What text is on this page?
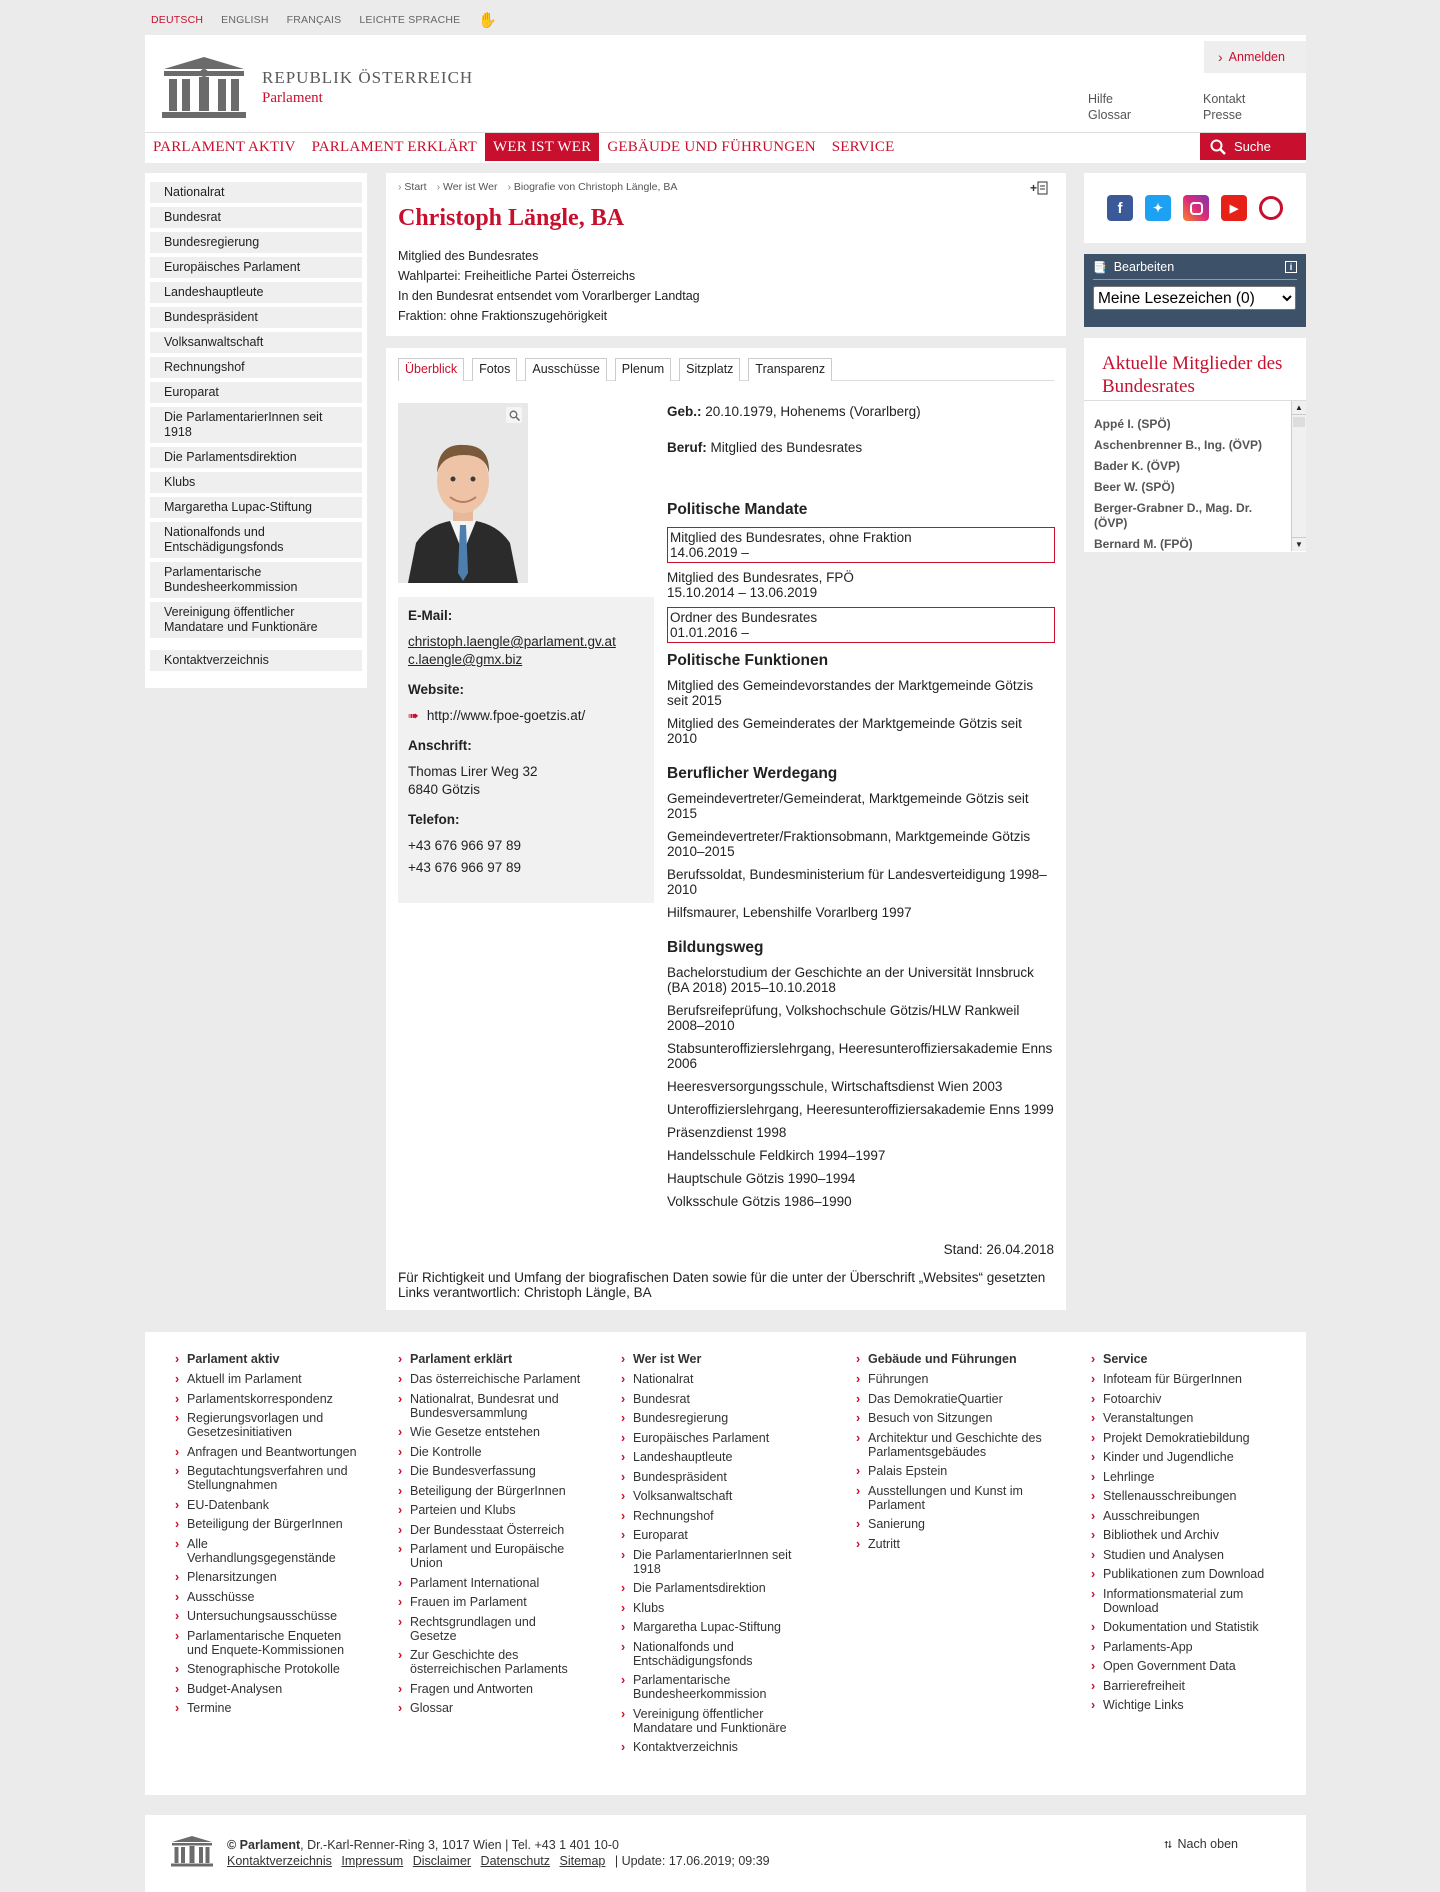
DEUTSCH ENGLISH FRANÇAIS LEICHTE SPRACHE ✋
› Anmelden
REPUBLIK ÖSTERREICH
Parlament	Hilfe	Kontakt
Glossar	Presse
PARLAMENT AKTIV	PARLAMENT ERKLÄRT	WER IST WER	GEBÄUDE UND FÜHRUNGEN	SERVICE	Suche
Nationalrat
Bundesrat
Bundesregierung
Europäisches Parlament
Landeshauptleute
Bundespräsident
Volksanwaltschaft
Rechnungshof
Europarat
Die ParlamentarierInnen seit 1918
Die Parlamentsdirektion
Klubs
Margaretha Lupac-Stiftung
Nationalfonds und Entschädigungsfonds
Parlamentarische Bundesheerkommission
Vereinigung öffentlicher Mandatare und Funktionäre
Kontaktverzeichnis
› Start	› Wer ist Wer	› Biografie von Christoph Längle, BA	+
Christoph Längle, BA
Mitglied des Bundesrates
Wahlpartei: Freiheitliche Partei Österreichs
In den Bundesrat entsendet vom Vorarlberger Landtag
Fraktion: ohne Fraktionszugehörigkeit
Überblick	Fotos	Ausschüsse	Plenum	Sitzplatz	Transparenz
E-Mail:
christoph.laengle@parlament.gv.at
c.laengle@gmx.biz
Website:
➠ http://www.fpoe-goetzis.at/
Anschrift:
Thomas Lirer Weg 32
6840 Götzis
Telefon:
+43 676 966 97 89
+43 676 966 97 89
Geb.: 20.10.1979, Hohenems (Vorarlberg)
Beruf: Mitglied des Bundesrates
Politische Mandate
Mitglied des Bundesrates, ohne Fraktion
14.06.2019 –
Mitglied des Bundesrates, FPÖ
15.10.2014 – 13.06.2019
Ordner des Bundesrates
01.01.2016 –
Politische Funktionen
Mitglied des Gemeindevorstandes der Marktgemeinde Götzis seit 2015
Mitglied des Gemeinderates der Marktgemeinde Götzis seit 2010
Beruflicher Werdegang
Gemeindevertreter/Gemeinderat, Marktgemeinde Götzis seit 2015
Gemeindevertreter/Fraktionsobmann, Marktgemeinde Götzis 2010–2015
Berufssoldat, Bundesministerium für Landesverteidigung 1998–2010
Hilfsmaurer, Lebenshilfe Vorarlberg 1997
Bildungsweg
Bachelorstudium der Geschichte an der Universität Innsbruck (BA 2018) 2015–10.10.2018
Berufsreifeprüfung, Volkshochschule Götzis/HLW Rankweil 2008–2010
Stabsunteroffizierslehrgang, Heeresunteroffiziersakademie Enns 2006
Heeresversorgungsschule, Wirtschaftsdienst Wien 2003
Unteroffizierslehrgang, Heeresunteroffiziersakademie Enns 1999
Präsenzdienst 1998
Handelsschule Feldkirch 1994–1997
Hauptschule Götzis 1990–1994
Volksschule Götzis 1986–1990
Stand: 26.04.2018
Für Richtigkeit und Umfang der biografischen Daten sowie für die unter der Überschrift „Websites“ gesetzten Links verantwortlich: Christoph Längle, BA
f	✦	▶
📑 Bearbeiten	i
Meine Lesezeichen (0)
Aktuelle Mitglieder des Bundesrates
Appé I. (SPÖ)
Aschenbrenner B., Ing. (ÖVP)
Bader K. (ÖVP)
Beer W. (SPÖ)
Berger-Grabner D., Mag. Dr. (ÖVP)
Bernard M. (FPÖ)
▲
▼
› Parlament aktiv
› Aktuell im Parlament
› Parlamentskorrespondenz
› Regierungsvorlagen und Gesetzesinitiativen
› Anfragen und Beantwortungen
› Begutachtungsverfahren und Stellungnahmen
› EU-Datenbank
› Beteiligung der BürgerInnen
› Alle Verhandlungsgegenstände
› Plenarsitzungen
› Ausschüsse
› Untersuchungsausschüsse
› Parlamentarische Enqueten und Enquete-Kommissionen
› Stenographische Protokolle
› Budget-Analysen
› Termine
› Parlament erklärt
› Das österreichische Parlament
› Nationalrat, Bundesrat und Bundesversammlung
› Wie Gesetze entstehen
› Die Kontrolle
› Die Bundesverfassung
› Beteiligung der BürgerInnen
› Parteien und Klubs
› Der Bundesstaat Österreich
› Parlament und Europäische Union
› Parlament International
› Frauen im Parlament
› Rechtsgrundlagen und Gesetze
› Zur Geschichte des österreichischen Parlaments
› Fragen und Antworten
› Glossar
› Wer ist Wer
› Nationalrat
› Bundesrat
› Bundesregierung
› Europäisches Parlament
› Landeshauptleute
› Bundespräsident
› Volksanwaltschaft
› Rechnungshof
› Europarat
› Die ParlamentarierInnen seit 1918
› Die Parlamentsdirektion
› Klubs
› Margaretha Lupac-Stiftung
› Nationalfonds und Entschädigungsfonds
› Parlamentarische Bundesheerkommission
› Vereinigung öffentlicher Mandatare und Funktionäre
› Kontaktverzeichnis
› Gebäude und Führungen
› Führungen
› Das DemokratieQuartier
› Besuch von Sitzungen
› Architektur und Geschichte des Parlamentsgebäudes
› Palais Epstein
› Ausstellungen und Kunst im Parlament
› Sanierung
› Zutritt
› Service
› Infoteam für BürgerInnen
› Fotoarchiv
› Veranstaltungen
› Projekt Demokratiebildung
› Kinder und Jugendliche
› Lehrlinge
› Stellenausschreibungen
› Ausschreibungen
› Bibliothek und Archiv
› Studien und Analysen
› Publikationen zum Download
› Informationsmaterial zum Download
› Dokumentation und Statistik
› Parlaments-App
› Open Government Data
› Barrierefreiheit
› Wichtige Links
© Parlament, Dr.-Karl-Renner-Ring 3, 1017 Wien | Tel. +43 1 401 10-0
Kontaktverzeichnis Impressum Disclaimer Datenschutz Sitemap | Update: 17.06.2019; 09:39
⮁ Nach oben
